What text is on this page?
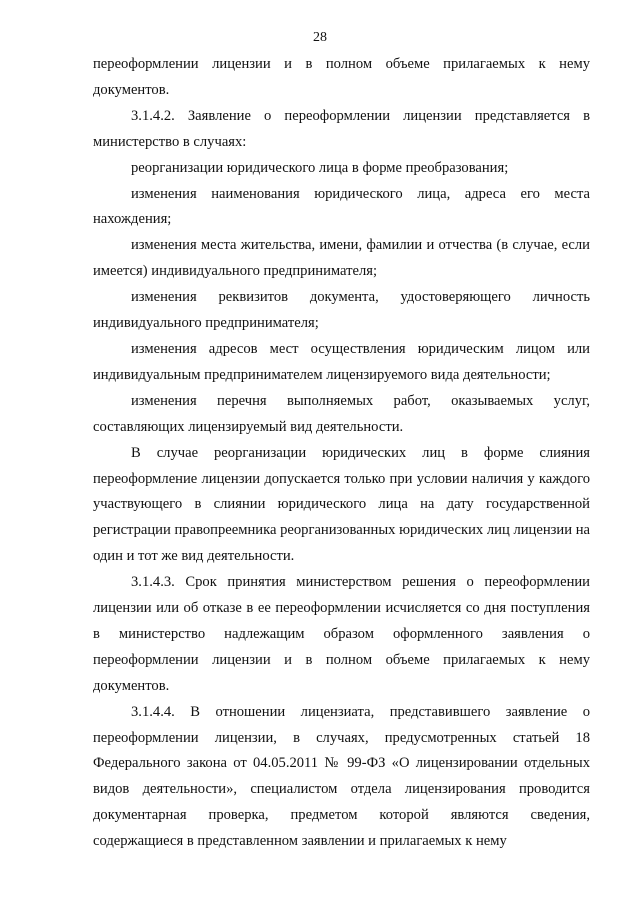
28

переоформлении лицензии и в полном объеме прилагаемых к нему документов.

3.1.4.2. Заявление о переоформлении лицензии представляется в министерство в случаях:

реорганизации юридического лица в форме преобразования;

изменения наименования юридического лица, адреса его места нахождения;

изменения места жительства, имени, фамилии и отчества (в случае, если имеется) индивидуального предпринимателя;

изменения реквизитов документа, удостоверяющего личность индивидуального предпринимателя;

изменения адресов мест осуществления юридическим лицом или индивидуальным предпринимателем лицензируемого вида деятельности;

изменения перечня выполняемых работ, оказываемых услуг, составляющих лицензируемый вид деятельности.

В случае реорганизации юридических лиц в форме слияния переоформление лицензии допускается только при условии наличия у каждого участвующего в слиянии юридического лица на дату государственной регистрации правопреемника реорганизованных юридических лиц лицензии на один и тот же вид деятельности.

3.1.4.3. Срок принятия министерством решения о переоформлении лицензии или об отказе в ее переоформлении исчисляется со дня поступления в министерство надлежащим образом оформленного заявления о переоформлении лицензии и в полном объеме прилагаемых к нему документов.

3.1.4.4. В отношении лицензиата, представившего заявление о переоформлении лицензии, в случаях, предусмотренных статьей 18 Федерального закона от 04.05.2011 № 99-ФЗ «О лицензировании отдельных видов деятельности», специалистом отдела лицензирования проводится документарная проверка, предметом которой являются сведения, содержащиеся в представленном заявлении и прилагаемых к нему
